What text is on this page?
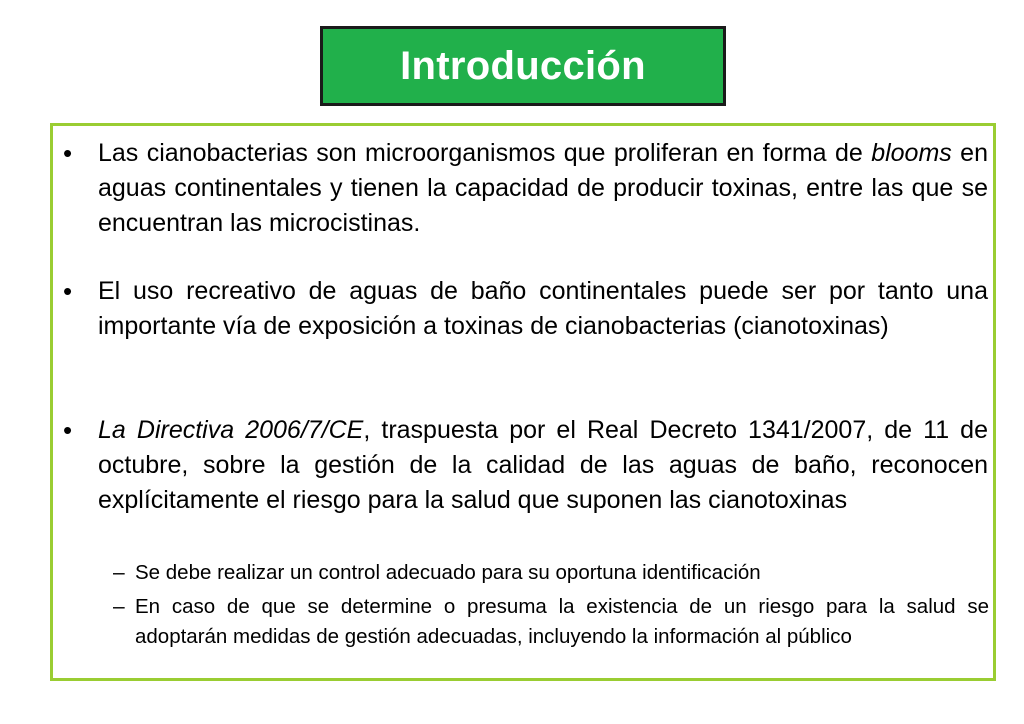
Introducción
• Las cianobacterias son microorganismos que proliferan en forma de blooms en aguas continentales y tienen la capacidad de producir toxinas, entre las que se encuentran las microcistinas.
• El uso recreativo de aguas de baño continentales puede ser por tanto una importante vía de exposición a toxinas de cianobacterias (cianotoxinas)
• La Directiva 2006/7/CE, traspuesta por el Real Decreto 1341/2007, de 11 de octubre, sobre la gestión de la calidad de las aguas de baño, reconocen explícitamente el riesgo para la salud que suponen las cianotoxinas
– Se debe realizar un control adecuado para su oportuna identificación
– En caso de que se determine o presuma la existencia de un riesgo para la salud se adoptarán medidas de gestión adecuadas, incluyendo la información al público
